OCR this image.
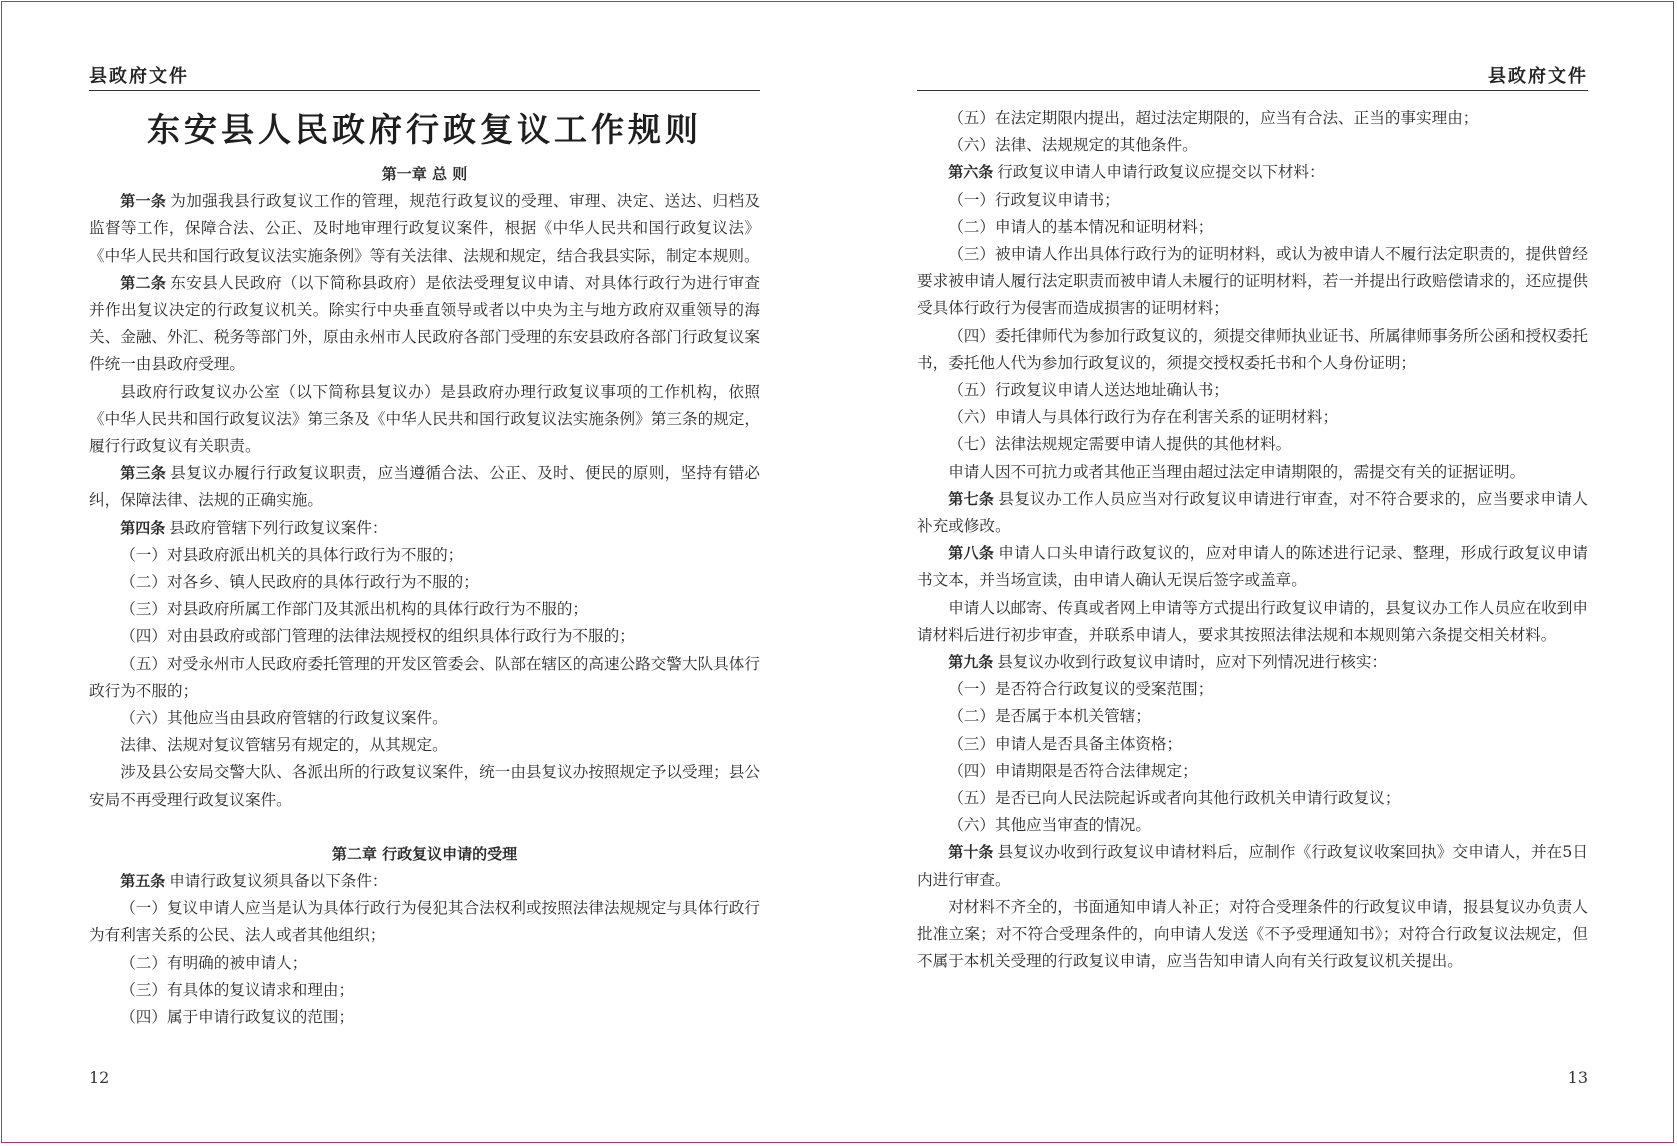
县政府文件
东安县人民政府行政复议工作规则

第一章 总 则

第一条 为加强我县行政复议工作的管理，规范行政复议的受理、审理、决定、送达、归档及监督等工作，保障合法、公正、及时地审理行政复议案件，根据《中华人民共和国行政复议法》《中华人民共和国行政复议法实施条例》等有关法律、法规和规定，结合我县实际，制定本规则。

第二条 东安县人民政府（以下简称县政府）是依法受理复议申请、对具体行政行为进行审查并作出复议决定的行政复议机关。除实行中央垂直领导或者以中央为主与地方政府双重领导的海关、金融、外汇、税务等部门外，原由永州市人民政府各部门受理的东安县政府各部门行政复议案件统一由县政府受理。

县政府行政复议办公室（以下简称县复议办）是县政府办理行政复议事项的工作机构，依照《中华人民共和国行政复议法》第三条及《中华人民共和国行政复议法实施条例》第三条的规定，履行行政复议有关职责。

第三条 县复议办履行行政复议职责，应当遵循合法、公正、及时、便民的原则，坚持有错必纠，保障法律、法规的正确实施。

第四条 县政府管辖下列行政复议案件：

（一）对县政府派出机关的具体行政行为不服的；

（二）对各乡、镇人民政府的具体行政行为不服的；

（三）对县政府所属工作部门及其派出机构的具体行政行为不服的；

（四）对由县政府或部门管理的法律法规授权的组织具体行政行为不服的；

（五）对受永州市人民政府委托管理的开发区管委会、队部在辖区的高速公路交警大队具体行政行为不服的；

（六）其他应当由县政府管辖的行政复议案件。

法律、法规对复议管辖另有规定的，从其规定。

涉及县公安局交警大队、各派出所的行政复议案件，统一由县复议办按照规定予以受理；县公安局不再受理行政复议案件。

第二章 行政复议申请的受理

第五条 申请行政复议须具备以下条件：

（一）复议申请人应当是认为具体行政行为侵犯其合法权利或按照法律法规规定与具体行政行为有利害关系的公民、法人或者其他组织；

（二）有明确的被申请人；

（三）有具体的复议请求和理由；

（四）属于申请行政复议的范围；

12
县政府文件

（五）在法定期限内提出，超过法定期限的，应当有合法、正当的事实理由；

（六）法律、法规规定的其他条件。

第六条 行政复议申请人申请行政复议应提交以下材料：

（一）行政复议申请书；

（二）申请人的基本情况和证明材料；

（三）被申请人作出具体行政行为的证明材料，或认为被申请人不履行法定职责的，提供曾经要求被申请人履行法定职责而被申请人未履行的证明材料，若一并提出行政赔偿请求的，还应提供受具体行政行为侵害而造成损害的证明材料；

（四）委托律师代为参加行政复议的，须提交律师执业证书、所属律师事务所公函和授权委托书，委托他人代为参加行政复议的，须提交授权委托书和个人身份证明；

（五）行政复议申请人送达地址确认书；

（六）申请人与具体行政行为存在利害关系的证明材料；

（七）法律法规规定需要申请人提供的其他材料。

申请人因不可抗力或者其他正当理由超过法定申请期限的，需提交有关的证据证明。

第七条 县复议办工作人员应当对行政复议申请进行审查，对不符合要求的，应当要求申请人补充或修改。

第八条 申请人口头申请行政复议的，应对申请人的陈述进行记录、整理，形成行政复议申请书文本，并当场宣读，由申请人确认无误后签字或盖章。

申请人以邮寄、传真或者网上申请等方式提出行政复议申请的，县复议办工作人员应在收到申请材料后进行初步审查，并联系申请人，要求其按照法律法规和本规则第六条提交相关材料。

第九条 县复议办收到行政复议申请时，应对下列情况进行核实：

（一）是否符合行政复议的受案范围；

（二）是否属于本机关管辖；

（三）申请人是否具备主体资格；

（四）申请期限是否符合法律规定；

（五）是否已向人民法院起诉或者向其他行政机关申请行政复议；

（六）其他应当审查的情况。

第十条 县复议办收到行政复议申请材料后，应制作《行政复议收案回执》交申请人，并在5日内进行审查。

对材料不齐全的，书面通知申请人补正；对符合受理条件的行政复议申请，报县复议办负责人批准立案；对不符合受理条件的，向申请人发送《不予受理通知书》；对符合行政复议法规定，但不属于本机关受理的行政复议申请，应当告知申请人向有关行政复议机关提出。

13
